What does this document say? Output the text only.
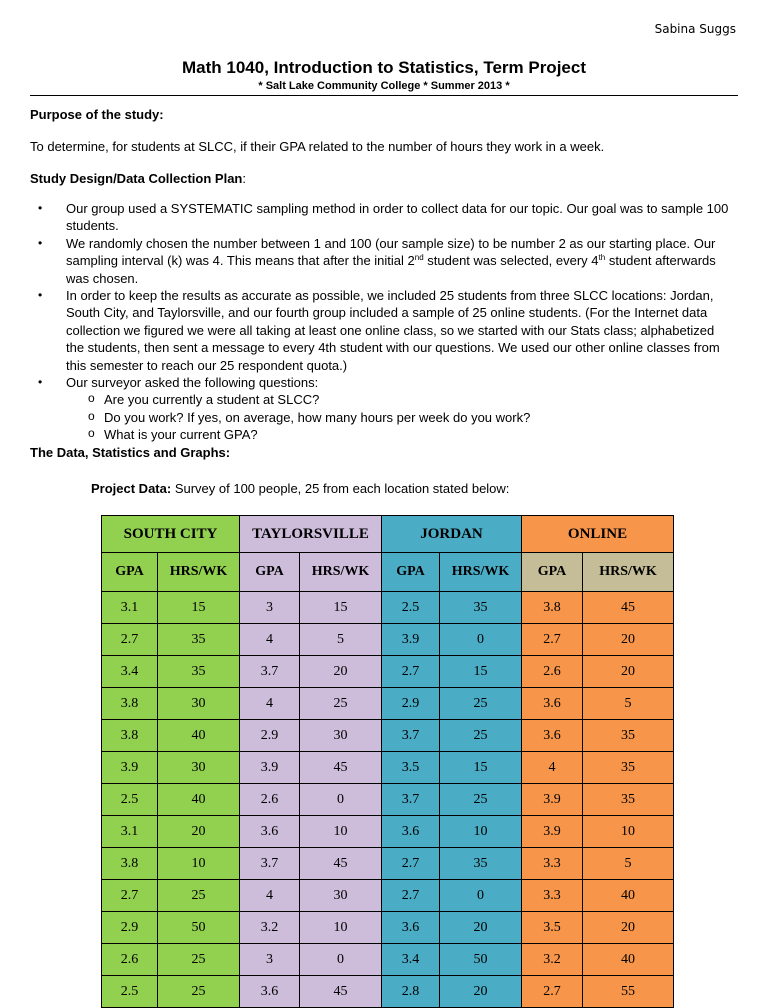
Sabina Suggs
Math 1040, Introduction to Statistics, Term Project
* Salt Lake Community College * Summer 2013 *
Purpose of the study:
To determine, for students at SLCC, if their GPA related to the number of hours they work in a week.
Study Design/Data Collection Plan:
• Our group used a SYSTEMATIC sampling method in order to collect data for our topic. Our goal was to sample 100 students.
• We randomly chosen the number between 1 and 100 (our sample size) to be number 2 as our starting place. Our sampling interval (k) was 4. This means that after the initial 2nd student was selected, every 4th student afterwards was chosen.
• In order to keep the results as accurate as possible, we included 25 students from three SLCC locations: Jordan, South City, and Taylorsville, and our fourth group included a sample of 25 online students. (For the Internet data collection we figured we were all taking at least one online class, so we started with our Stats class; alphabetized the students, then sent a message to every 4th student with our questions. We used our other online classes from this semester to reach our 25 respondent quota.)
• Our surveyor asked the following questions:
o Are you currently a student at SLCC?
o Do you work? If yes, on average, how many hours per week do you work?
o What is your current GPA?
The Data, Statistics and Graphs:
Project Data: Survey of 100 people, 25 from each location stated below:
SOUTH CITY		TAYLORSVILLE		JORDAN		ONLINE	
GPA	HRS/WK	GPA	HRS/WK	GPA	HRS/WK	GPA	HRS/WK
3.1	15	3	15	2.5	35	3.8	45
2.7	35	4	5	3.9	0	2.7	20
3.4	35	3.7	20	2.7	15	2.6	20
3.8	30	4	25	2.9	25	3.6	5
3.8	40	2.9	30	3.7	25	3.6	35
3.9	30	3.9	45	3.5	15	4	35
2.5	40	2.6	0	3.7	25	3.9	35
3.1	20	3.6	10	3.6	10	3.9	10
3.8	10	3.7	45	2.7	35	3.3	5
2.7	25	4	30	2.7	0	3.3	40
2.9	50	3.2	10	3.6	20	3.5	20
2.6	25	3	0	3.4	50	3.2	40
2.5	25	3.6	45	2.8	20	2.7	55
